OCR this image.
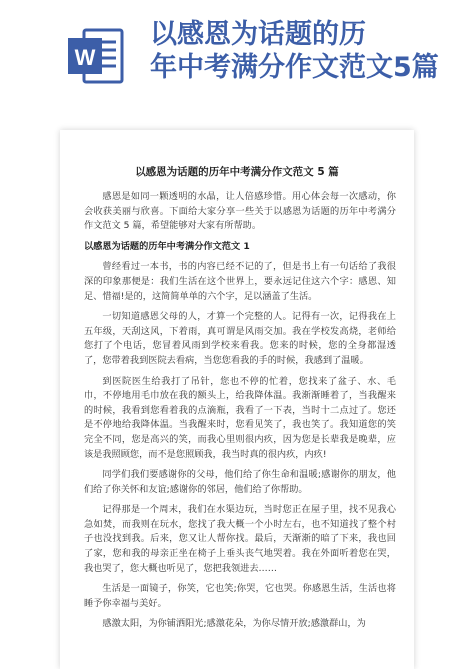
W
以感恩为话题的历
年中考满分作文范文5篇
以感恩为话题的历年中考满分作文范文 5 篇

感恩是如同一颗透明的水晶，让人倍感珍惜。用心体会每一次感动，你会收获美丽与欣喜。下面给大家分享一些关于以感恩为话题的历年中考满分作文范文 5 篇，希望能够对大家有所帮助。

以感恩为话题的历年中考满分作文范文 1

曾经看过一本书，书的内容已经不记的了，但是书上有一句话给了我很深的印象那便是：我们生活在这个世界上，要永远记住这六个字：感恩、知足、惜福!是的，这简简单单的六个字，足以涵盖了生活。

一切知道感恩父母的人，才算一个完整的人。记得有一次，记得我在上五年级，天刮这风，下着雨，真可谓是风雨交加。我在学校发高烧，老师给您打了个电话，您冒着风雨到学校来看我。您来的时候，您的全身都湿透了，您带着我到医院去看病，当您您看我的手的时候，我感到了温暖。

到医院医生给我打了吊针，您也不停的忙着，您找来了盆子、水、毛巾，不停地用毛巾放在我的额头上，给我降体温。我渐渐睡着了，当我醒来的时候，我看到您看着我的点滴瓶，我看了一下表，当时十二点过了。您还是不停地给我降体温。当我醒来时，您看见笑了，我也笑了。我知道您的笑完全不同，您是高兴的笑，而我心里则很内疚，因为您是长辈我是晚辈，应该是我照顾您，而不是您照顾我，我当时真的很内疚，内疚!

同学们我们要感谢你的父母，他们给了你生命和温暖;感谢你的朋友，他们给了你关怀和友谊;感谢你的邻居，他们给了你帮助。

记得那是一个周末，我们在水渠边玩，当时您正在屋子里，找不见我心急如焚，而我则在玩水，您找了我大概一个小时左右，也不知道找了整个村子也没找到我。后来，您又让人帮你找。最后，天渐渐的暗了下来，我也回了家，您和我的母亲正坐在椅子上垂头丧气地哭着。我在外面听着您在哭，我也哭了，您大概也听见了，您把我领进去……

生活是一面镜子，你笑，它也笑;你哭，它也哭。你感恩生活，生活也将睡予你幸福与美好。

感激太阳，为你铺洒阳光;感激花朵，为你尽情开放;感激群山，为
